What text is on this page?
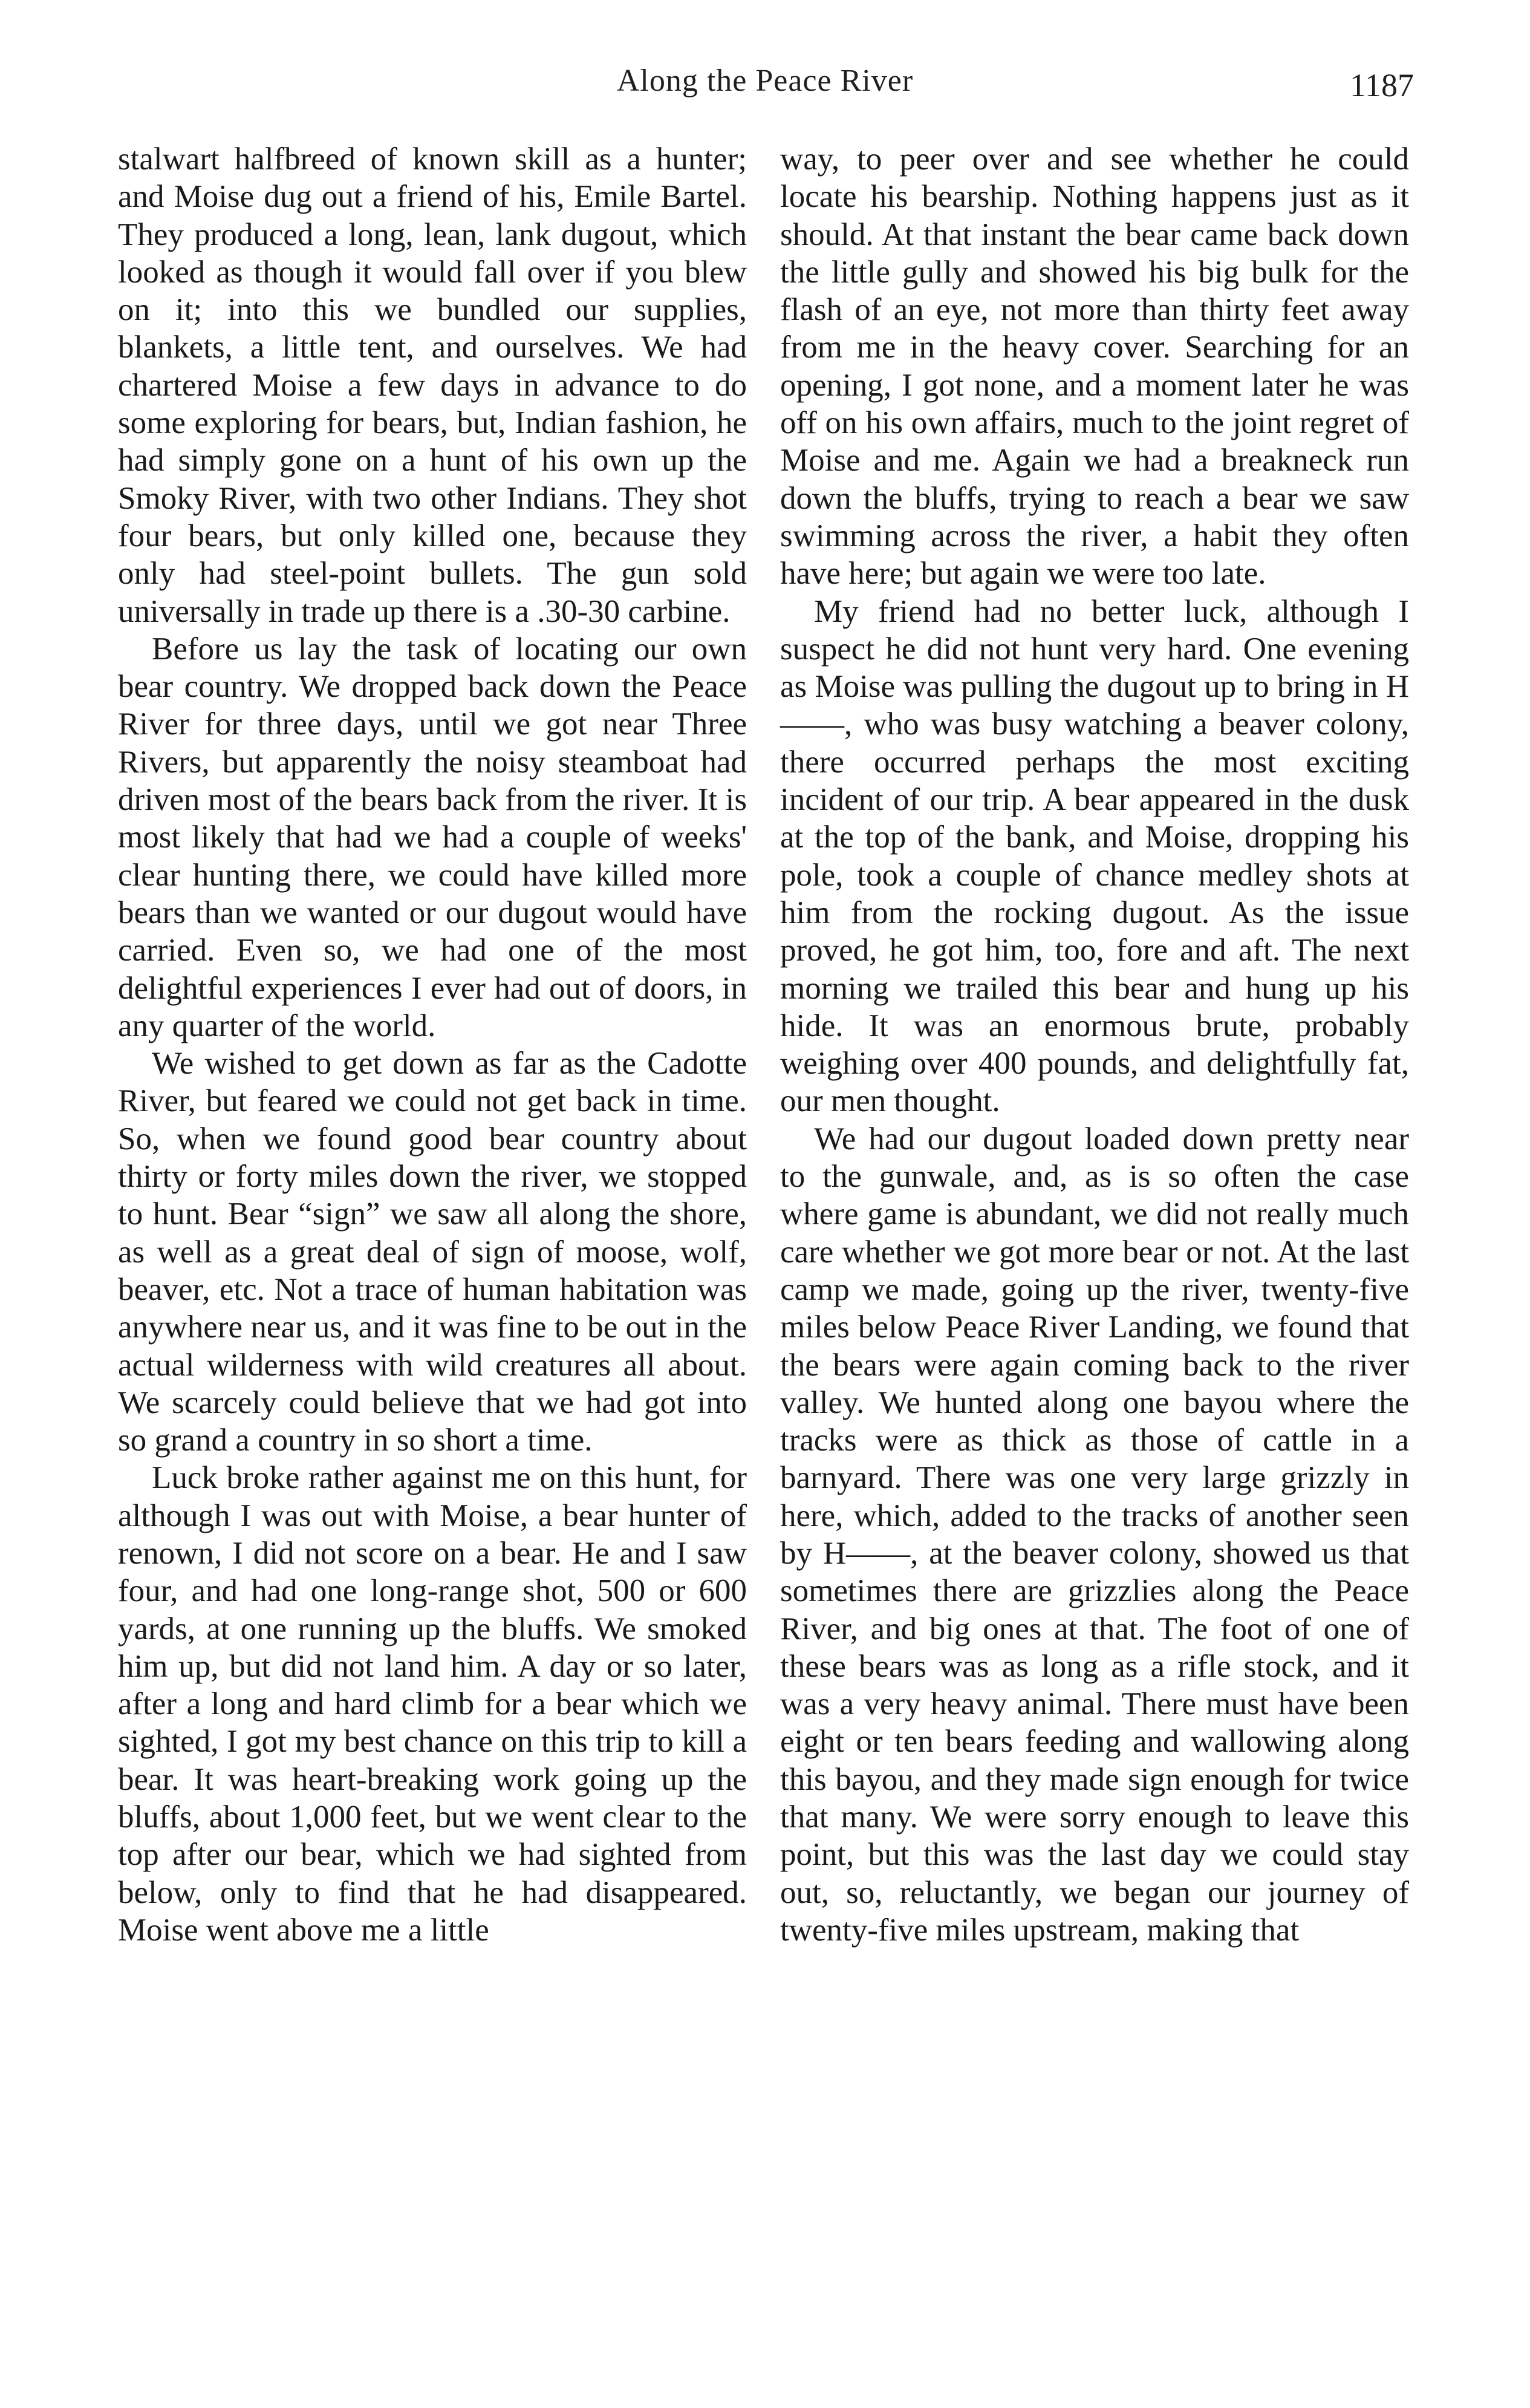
Along the Peace River	1187

stalwart halfbreed of known skill as a hunter; and Moise dug out a friend of his, Emile Bartel. They produced a long, lean, lank dugout, which looked as though it would fall over if you blew on it; into this we bundled our supplies, blankets, a little tent, and ourselves. We had chartered Moise a few days in advance to do some exploring for bears, but, Indian fashion, he had simply gone on a hunt of his own up the Smoky River, with two other Indians. They shot four bears, but only killed one, because they only had steel-point bullets. The gun sold universally in trade up there is a .30-30 carbine.

Before us lay the task of locating our own bear country. We dropped back down the Peace River for three days, until we got near Three Rivers, but apparently the noisy steamboat had driven most of the bears back from the river. It is most likely that had we had a couple of weeks' clear hunting there, we could have killed more bears than we wanted or our dugout would have carried. Even so, we had one of the most delightful experiences I ever had out of doors, in any quarter of the world.

We wished to get down as far as the Cadotte River, but feared we could not get back in time. So, when we found good bear country about thirty or forty miles down the river, we stopped to hunt. Bear “sign” we saw all along the shore, as well as a great deal of sign of moose, wolf, beaver, etc. Not a trace of human habitation was anywhere near us, and it was fine to be out in the actual wilderness with wild creatures all about. We scarcely could believe that we had got into so grand a country in so short a time.

Luck broke rather against me on this hunt, for although I was out with Moise, a bear hunter of renown, I did not score on a bear. He and I saw four, and had one long-range shot, 500 or 600 yards, at one running up the bluffs. We smoked him up, but did not land him. A day or so later, after a long and hard climb for a bear which we sighted, I got my best chance on this trip to kill a bear. It was heart-breaking work going up the bluffs, about 1,000 feet, but we went clear to the top after our bear, which we had sighted from below, only to find that he had disappeared. Moise went above me a little

way, to peer over and see whether he could locate his bearship. Nothing happens just as it should. At that instant the bear came back down the little gully and showed his big bulk for the flash of an eye, not more than thirty feet away from me in the heavy cover. Searching for an opening, I got none, and a moment later he was off on his own affairs, much to the joint regret of Moise and me. Again we had a breakneck run down the bluffs, trying to reach a bear we saw swimming across the river, a habit they often have here; but again we were too late.

My friend had no better luck, although I suspect he did not hunt very hard. One evening as Moise was pulling the dugout up to bring in H——, who was busy watching a beaver colony, there occurred perhaps the most exciting incident of our trip. A bear appeared in the dusk at the top of the bank, and Moise, dropping his pole, took a couple of chance medley shots at him from the rocking dugout. As the issue proved, he got him, too, fore and aft. The next morning we trailed this bear and hung up his hide. It was an enormous brute, probably weighing over 400 pounds, and delightfully fat, our men thought.

We had our dugout loaded down pretty near to the gunwale, and, as is so often the case where game is abundant, we did not really much care whether we got more bear or not. At the last camp we made, going up the river, twenty-five miles below Peace River Landing, we found that the bears were again coming back to the river valley. We hunted along one bayou where the tracks were as thick as those of cattle in a barnyard. There was one very large grizzly in here, which, added to the tracks of another seen by H——, at the beaver colony, showed us that sometimes there are grizzlies along the Peace River, and big ones at that. The foot of one of these bears was as long as a rifle stock, and it was a very heavy animal. There must have been eight or ten bears feeding and wallowing along this bayou, and they made sign enough for twice that many. We were sorry enough to leave this point, but this was the last day we could stay out, so, reluctantly, we began our journey of twenty-five miles upstream, making that
